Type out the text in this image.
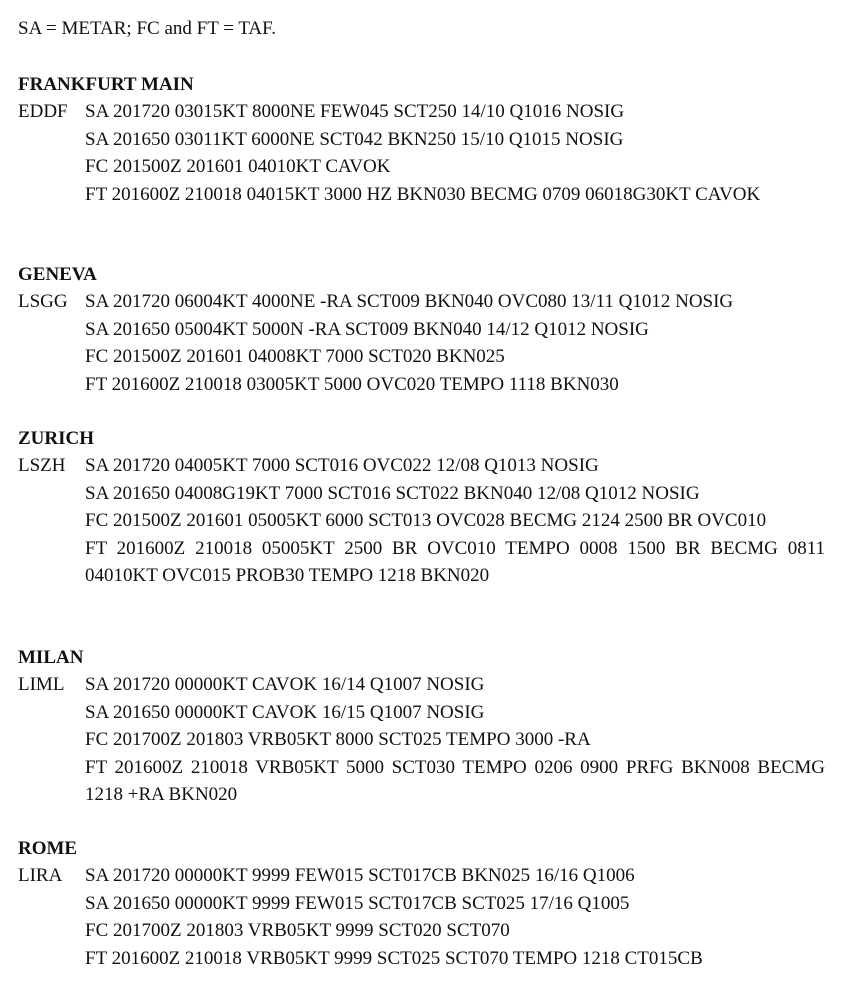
SA = METAR; FC and FT = TAF.
FRANKFURT MAIN
EDDF SA 201720 03015KT 8000NE FEW045 SCT250 14/10 Q1016 NOSIG
SA 201650 03011KT 6000NE SCT042 BKN250 15/10 Q1015 NOSIG
FC 201500Z 201601 04010KT CAVOK
FT 201600Z 210018 04015KT 3000 HZ BKN030 BECMG 0709 06018G30KT CAVOK
GENEVA
LSGG SA 201720 06004KT 4000NE -RA SCT009 BKN040 OVC080 13/11 Q1012 NOSIG
SA 201650 05004KT 5000N -RA SCT009 BKN040 14/12 Q1012 NOSIG
FC 201500Z 201601 04008KT 7000 SCT020 BKN025
FT 201600Z 210018 03005KT 5000 OVC020 TEMPO 1118 BKN030
ZURICH
LSZH SA 201720 04005KT 7000 SCT016 OVC022 12/08 Q1013 NOSIG
SA 201650 04008G19KT 7000 SCT016 SCT022 BKN040 12/08 Q1012 NOSIG
FC 201500Z 201601 05005KT 6000 SCT013 OVC028 BECMG 2124 2500 BR OVC010
FT 201600Z 210018 05005KT 2500 BR OVC010 TEMPO 0008 1500 BR BECMG 0811 04010KT OVC015 PROB30 TEMPO 1218 BKN020
MILAN
LIML SA 201720 00000KT CAVOK 16/14 Q1007 NOSIG
SA 201650 00000KT CAVOK 16/15 Q1007 NOSIG
FC 201700Z 201803 VRB05KT 8000 SCT025 TEMPO 3000 -RA
FT 201600Z 210018 VRB05KT 5000 SCT030 TEMPO 0206 0900 PRFG BKN008 BECMG 1218 +RA BKN020
ROME
LIRA SA 201720 00000KT 9999 FEW015 SCT017CB BKN025 16/16 Q1006
SA 201650 00000KT 9999 FEW015 SCT017CB SCT025 17/16 Q1005
FC 201700Z 201803 VRB05KT 9999 SCT020 SCT070
FT 201600Z 210018 VRB05KT 9999 SCT025 SCT070 TEMPO 1218 CT015CB
